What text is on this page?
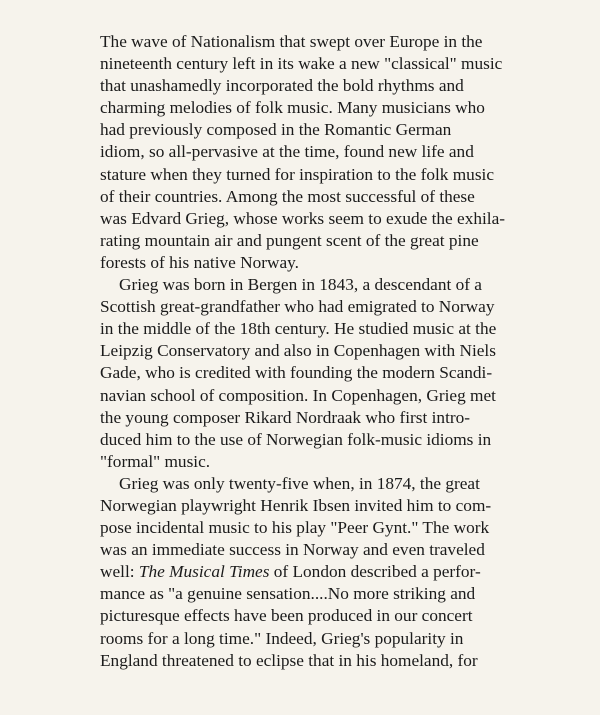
The wave of Nationalism that swept over Europe in the
nineteenth century left in its wake a new "classical" music
that unashamedly incorporated the bold rhythms and
charming melodies of folk music. Many musicians who
had previously composed in the Romantic German
idiom, so all-pervasive at the time, found new life and
stature when they turned for inspiration to the folk music
of their countries. Among the most successful of these
was Edvard Grieg, whose works seem to exude the exhila-
rating mountain air and pungent scent of the great pine
forests of his native Norway.
Grieg was born in Bergen in 1843, a descendant of a
Scottish great-grandfather who had emigrated to Norway
in the middle of the 18th century. He studied music at the
Leipzig Conservatory and also in Copenhagen with Niels
Gade, who is credited with founding the modern Scandi-
navian school of composition. In Copenhagen, Grieg met
the young composer Rikard Nordraak who first intro-
duced him to the use of Norwegian folk-music idioms in
"formal" music.
Grieg was only twenty-five when, in 1874, the great
Norwegian playwright Henrik Ibsen invited him to com-
pose incidental music to his play "Peer Gynt." The work
was an immediate success in Norway and even traveled
well: The Musical Times of London described a perfor-
mance as "a genuine sensation....No more striking and
picturesque effects have been produced in our concert
rooms for a long time." Indeed, Grieg's popularity in
England threatened to eclipse that in his homeland, for
